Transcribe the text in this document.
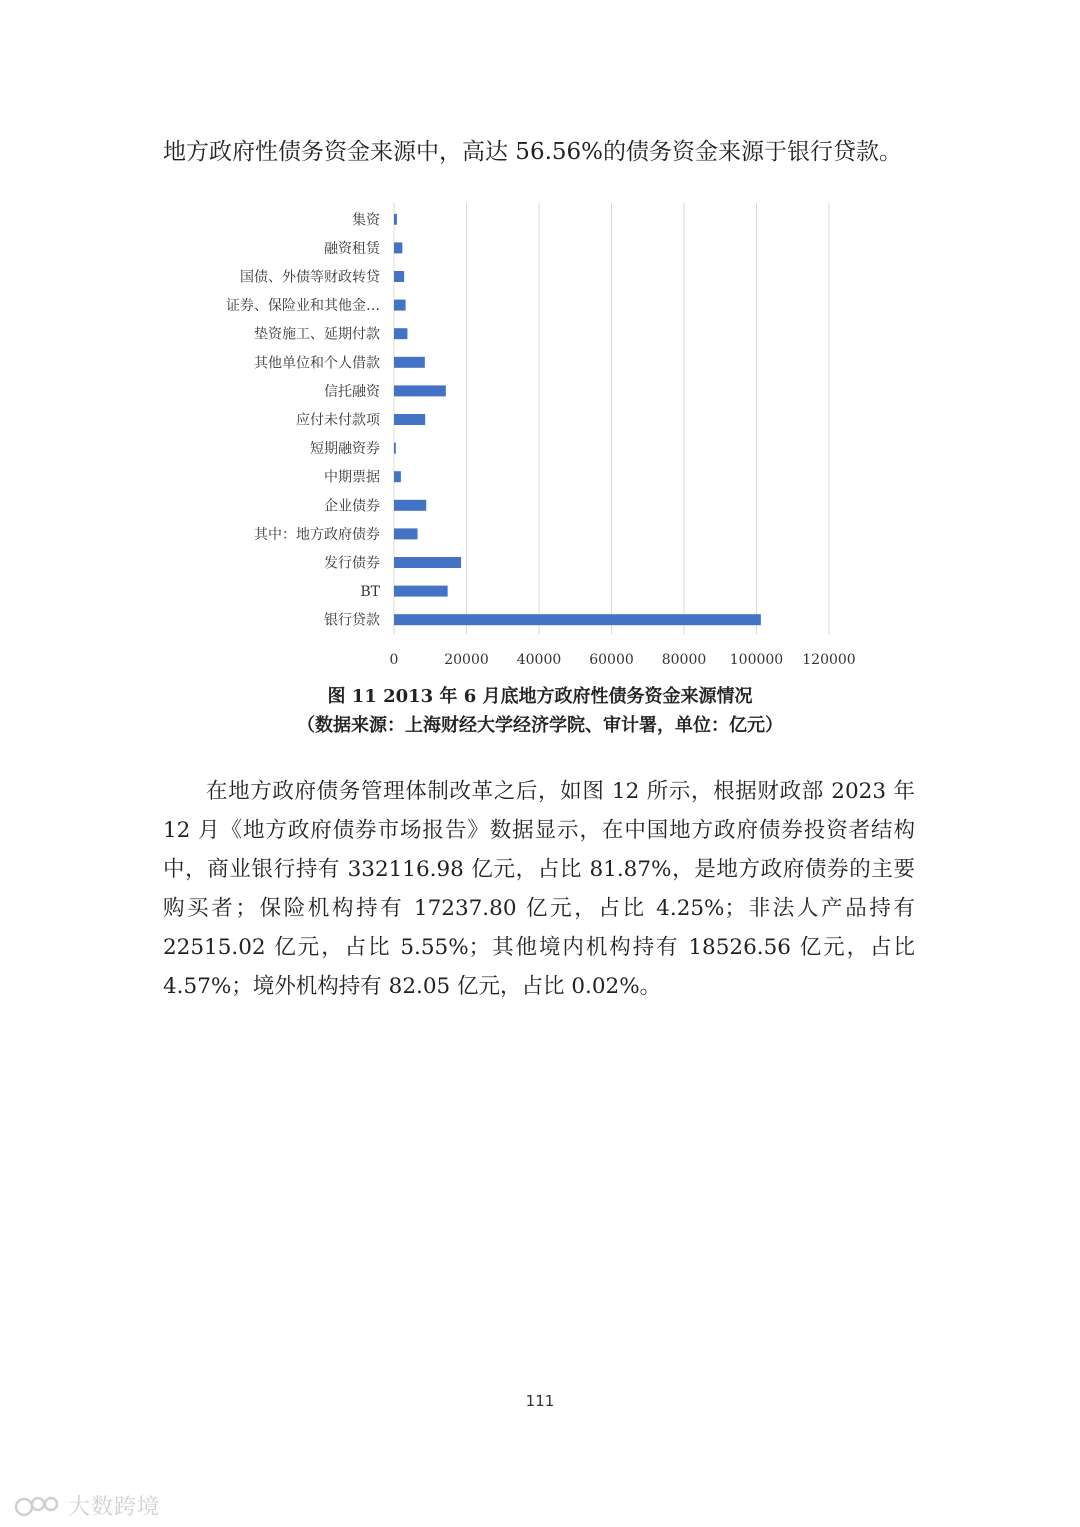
地方政府性债务资金来源中，高达 56.56%的债务资金来源于银行贷款。
集资
融资租赁
国债、外债等财政转贷
证券、保险业和其他金…
垫资施工、延期付款
其他单位和个人借款
信托融资
应付未付款项
短期融资券
中期票据
企业债券
其中：地方政府债券
发行债券
BT
银行贷款
0	20000 40000 60000 80000 100000 120000
图 11 2013 年 6 月底地方政府性债务资金来源情况
（数据来源：上海财经大学经济学院、审计署，单位：亿元）
在地方政府债务管理体制改革之后，如图 12 所示，根据财政部 2023 年 12 月《地方政府债券市场报告》数据显示，在中国地方政府债券投资者结构中，商业银行持有 332116.98 亿元，占比 81.87%，是地方政府债券的主要购买者；保险机构持有 17237.80 亿元，占比 4.25%；非法人产品持有 22515.02 亿元，占比 5.55%；其他境内机构持有 18526.56 亿元，占比 4.57%；境外机构持有 82.05 亿元，占比 0.02%。
111
大数跨境
